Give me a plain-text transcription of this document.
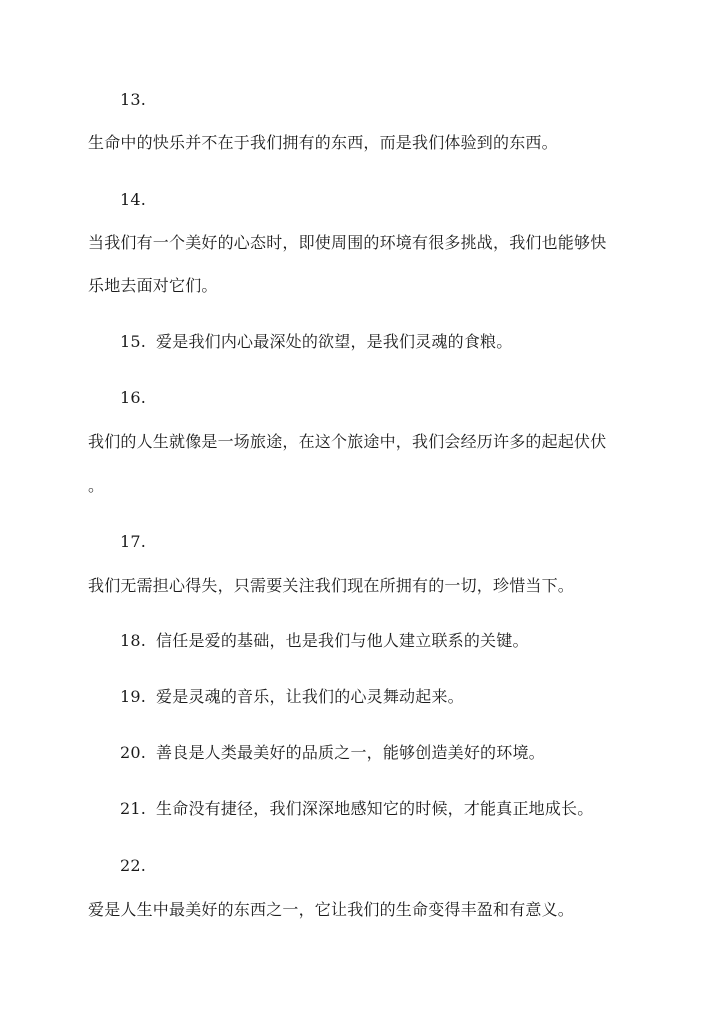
13.
生命中的快乐并不在于我们拥有的东西，而是我们体验到的东西。
14.
当我们有一个美好的心态时，即使周围的环境有很多挑战，我们也能够快
乐地去面对它们。
15. 爱是我们内心最深处的欲望，是我们灵魂的食粮。
16.
我们的人生就像是一场旅途，在这个旅途中，我们会经历许多的起起伏伏
。
17.
我们无需担心得失，只需要关注我们现在所拥有的一切，珍惜当下。
18. 信任是爱的基础，也是我们与他人建立联系的关键。
19. 爱是灵魂的音乐，让我们的心灵舞动起来。
20. 善良是人类最美好的品质之一，能够创造美好的环境。
21. 生命没有捷径，我们深深地感知它的时候，才能真正地成长。
22.
爱是人生中最美好的东西之一，它让我们的生命变得丰盈和有意义。
